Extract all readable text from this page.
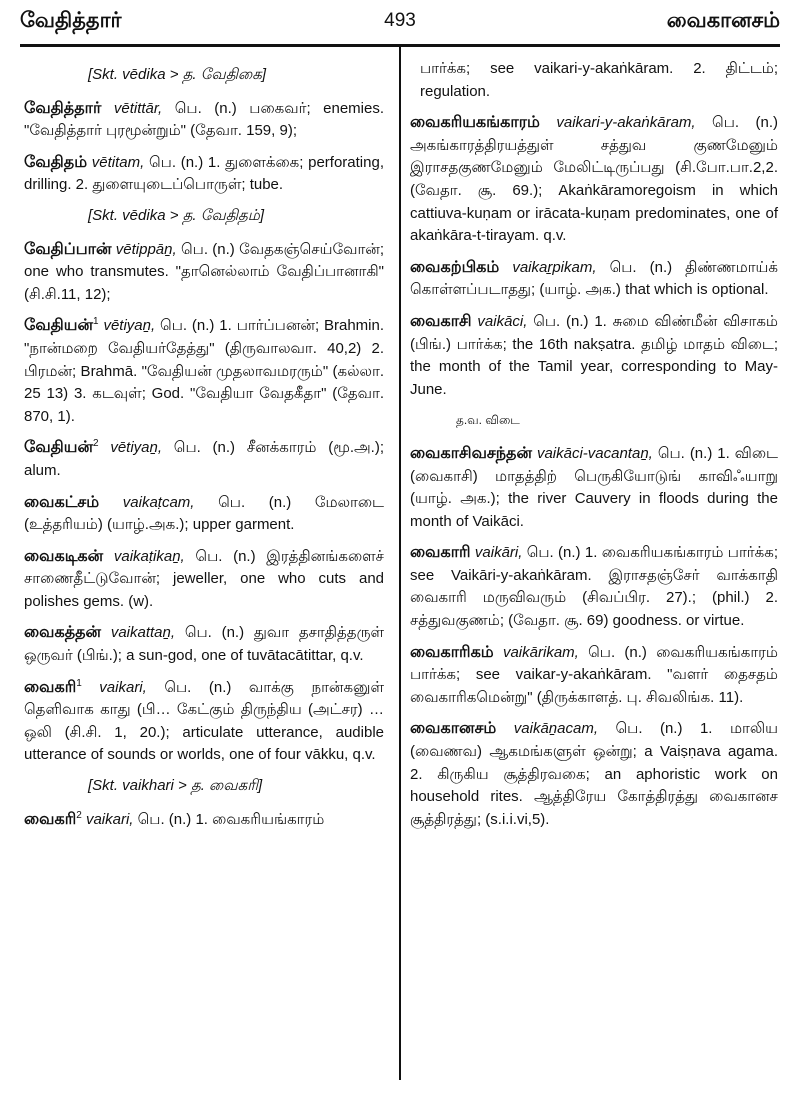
வேதித்தார்	493	வைகானசம்

[Skt. vēdika > த. வேதிகை]

வேதித்தார் vētittār, பெ. (n.) பகைவர்; enemies. "வேதித்தார் புரமூன்றும்" (தேவா. 159, 9);

வேதிதம் vētitam, பெ. (n.) 1. துளைக்கை; perforating, drilling. 2. துளையுடைப்பொருள்; tube.

[Skt. vēdika > த. வேதிதம்]

வேதிப்பான் vētippāṉ, பெ. (n.) வேதகஞ்செய்வோன்; one who transmutes. "தானெல்லாம் வேதிப்பானாகி" (சி.சி.11, 12);

வேதியன்$^1$ vētiyaṉ, பெ. (n.) 1. பார்ப்பனன்; Brahmin. "நான்மறை வேதியர்தேத்து" (திருவாலவா. 40,2) 2. பிரமன்; Brahmā. "வேதியன் முதலாவமரரும்" (கல்லா. 25 13) 3. கடவுள்; God. "வேதியா வேதகீதா" (தேவா. 870, 1).

வேதியன்$^2$ vētiyaṉ, பெ. (n.) சீனக்காரம் (மூ.அ.); alum.

வைகட்சம் vaikaṭcam, பெ. (n.) மேலாடை (உத்தரியம்) (யாழ்.அக.); upper garment.

வைகடிகன் vaikaṭikaṉ, பெ. (n.) இரத்தினங்களைச் சாணைதீட்டுவோன்; jeweller, one who cuts and polishes gems. (w).

வைகத்தன் vaikattaṉ, பெ. (n.) துவா தசாதித்தருள் ஒருவர் (பிங்.); a sun-god, one of tuvātacātittar, q.v.

வைகரி$^1$ vaikari, பெ. (n.) வாக்கு நான்கனுள் தெளிவாக காது (பி… கேட்கும் திருந்திய (அட்சர) … ஒலி (சி.சி. 1, 20.); articulate utterance, audible utterance of sounds or worlds, one of four vākku, q.v.

[Skt. vaikhari > த. வைகரி]

வைகரி$^2$ vaikari, பெ. (n.) 1. வைகரியங்காரம்

பார்க்க; see vaikari-y-akaṅkāram. 2. திட்டம்; regulation.

வைகரியகங்காரம் vaikari-y-akaṅkāram, பெ. (n.) அகங்காரத்திரயத்துள் சத்துவ குணமேனும் இராசதகுணமேனும் மேலிட்டிருப்பது (சி.போ.பா.2,2. (வேதா. சூ. 69.); Akaṅkāramoregoism in which cattiuva-kuṇam or irācata-kuṇam predominates, one of akaṅkāra-t-tirayam. q.v.

வைகற்பிகம் vaikaṟpikam, பெ. (n.) திண்ணமாய்க் கொள்ளப்படாதது; (யாழ். அக.) that which is optional.

வைகாசி vaikāci, பெ. (n.) 1. சுமை விண்மீன் விசாகம் (பிங்.) பார்க்க; the 16th nakṣatra. தமிழ் மாதம் விடை; the month of the Tamil year, corresponding to May-June.

த.வ. விடை

வைகாசிவசந்தன் vaikāci-vacantaṉ, பெ. (n.) 1. விடை (வைகாசி) மாதத்திற் பெருகியோடுங் காவிஃயாறு (யாழ். அக.); the river Cauvery in floods during the month of Vaikāci.

வைகாரி vaikāri, பெ. (n.) 1. வைகரியகங்காரம் பார்க்க; see Vaikāri-y-akaṅkāram. இராசதஞ்சேர் வாக்காதி வைகாரி மருவிவரும் (சிவப்பிர. 27).; (phil.) 2. சத்துவகுணம்; (வேதா. சூ. 69) goodness. or virtue.

வைகாரிகம் vaikārikam, பெ. (n.) வைகரியகங்காரம் பார்க்க; see vaikar-y-akaṅkāram. "வளர் தைசதம் வைகாரிகமென்று" (திருக்காளத். பு. சிவலிங்க. 11).

வைகானசம் vaikāṉacam, பெ. (n.) 1. மாலிய (வைணவ) ஆகமங்களுள் ஒன்று; a Vaiṣṇava agama. 2. கிருகிய சூத்திரவகை; an aphoristic work on household rites. ஆத்திரேய கோத்திரத்து வைகானச சூத்திரத்து; (s.i.i.vi,5).
